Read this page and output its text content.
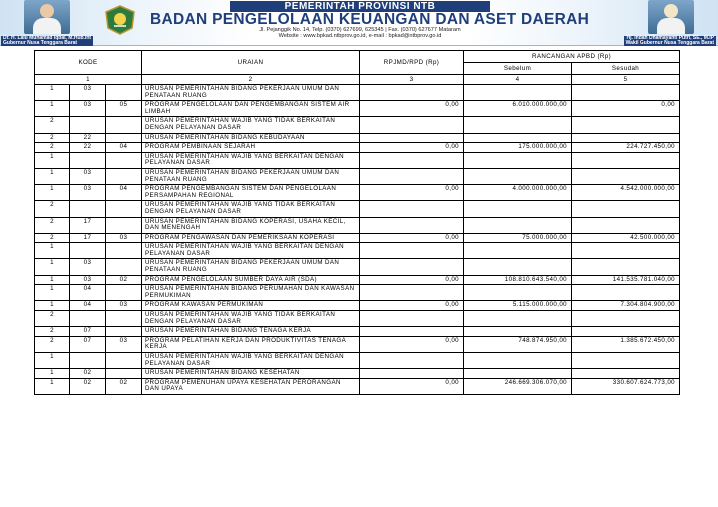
PEMERINTAH PROVINSI NTB
BADAN PENGELOLAAN KEUANGAN DAN ASET DAERAH
Jl. Pejanggik No. 14, Telp. (0370) 627699, 625345 | Fax. (0370) 627677 Mataram
Website : www.bpkad.ntbprov.go.id, e-mail : bpkad@ntbprov.go.id
Dr. H. Lalu Muhamad Iqbal, M.Hub.Int
Gubernur Nusa Tenggara Barat
Hj. Indah Dhamayanti Putri, SE., M.IP
Wakil Gubernur Nusa Tenggara Barat
KODE			URAIAN	RPJMD/RPD (Rp)	RANCANGAN APBD (Rp)	
					Sebelum	Sesudah
1			2	3	4	5
1	03		URUSAN PEMERINTAHAN BIDANG PEKERJAAN UMUM DAN PENATAAN RUANG			
1	03	05	PROGRAM PENGELOLAAN DAN PENGEMBANGAN SISTEM AIR LIMBAH	0,00	6.010.000.000,00	0,00
2			URUSAN PEMERINTAHAN WAJIB YANG TIDAK BERKAITAN DENGAN PELAYANAN DASAR			
2	22		URUSAN PEMERINTAHAN BIDANG KEBUDAYAAN			
2	22	04	PROGRAM PEMBINAAN SEJARAH	0,00	175.000.000,00	224.727.450,00
1			URUSAN PEMERINTAHAN WAJIB YANG BERKAITAN DENGAN PELAYANAN DASAR			
1	03		URUSAN PEMERINTAHAN BIDANG PEKERJAAN UMUM DAN PENATAAN RUANG			
1	03	04	PROGRAM PENGEMBANGAN SISTEM DAN PENGELOLAAN PERSAMPAHAN REGIONAL	0,00	4.000.000.000,00	4.542.000.000,00
2			URUSAN PEMERINTAHAN WAJIB YANG TIDAK BERKAITAN DENGAN PELAYANAN DASAR			
2	17		URUSAN PEMERINTAHAN BIDANG KOPERASI, USAHA KECIL, DAN MENENGAH			
2	17	03	PROGRAM PENGAWASAN DAN PEMERIKSAAN KOPERASI	0,00	75.000.000,00	42.500.000,00
1			URUSAN PEMERINTAHAN WAJIB YANG BERKAITAN DENGAN PELAYANAN DASAR			
1	03		URUSAN PEMERINTAHAN BIDANG PEKERJAAN UMUM DAN PENATAAN RUANG			
1	03	02	PROGRAM PENGELOLAAN SUMBER DAYA AIR (SDA)	0,00	108.810.643.540,00	141.535.781.040,00
1	04		URUSAN PEMERINTAHAN BIDANG PERUMAHAN DAN KAWASAN PERMUKIMAN			
1	04	03	PROGRAM KAWASAN PERMUKIMAN	0,00	5.115.000.000,00	7.304.804.900,00
2			URUSAN PEMERINTAHAN WAJIB YANG TIDAK BERKAITAN DENGAN PELAYANAN DASAR			
2	07		URUSAN PEMERINTAHAN BIDANG TENAGA KERJA			
2	07	03	PROGRAM PELATIHAN KERJA DAN PRODUKTIVITAS TENAGA KERJA	0,00	748.874.950,00	1.385.672.450,00
1			URUSAN PEMERINTAHAN WAJIB YANG BERKAITAN DENGAN PELAYANAN DASAR			
1	02		URUSAN PEMERINTAHAN BIDANG KESEHATAN			
1	02	02	PROGRAM PEMENUHAN UPAYA KESEHATAN PERORANGAN DAN UPAYA	0,00	246.669.306.070,00	330.607.624.773,00
